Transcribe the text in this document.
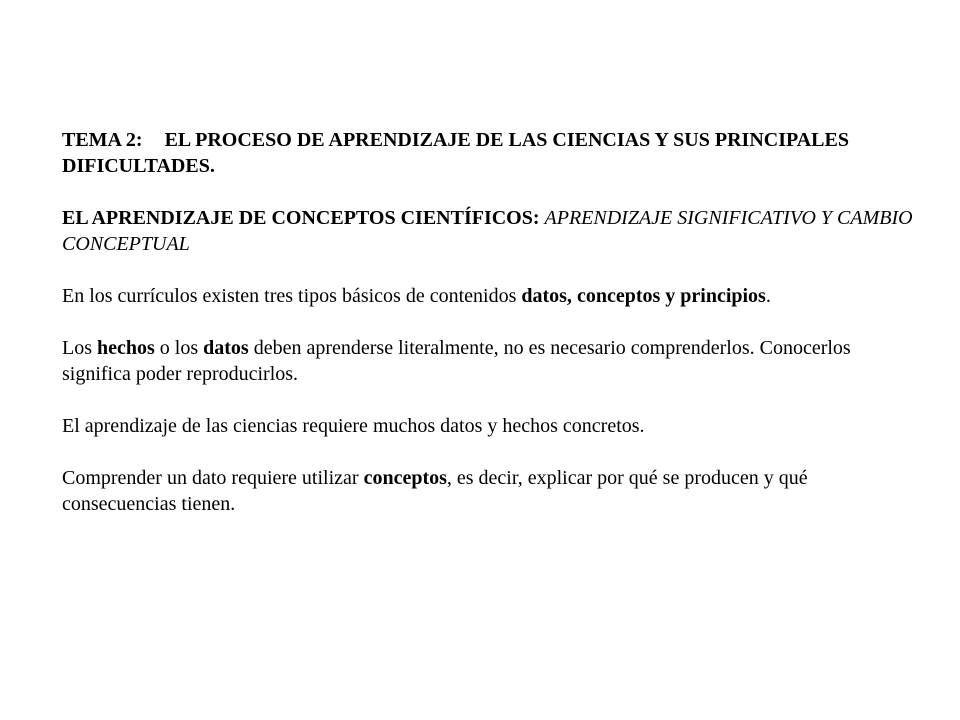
TEMA 2: EL PROCESO DE APRENDIZAJE DE LAS CIENCIAS Y SUS PRINCIPALES DIFICULTADES.

EL APRENDIZAJE DE CONCEPTOS CIENTÍFICOS: APRENDIZAJE SIGNIFICATIVO Y CAMBIO CONCEPTUAL

En los currículos existen tres tipos básicos de contenidos datos, conceptos y principios.

Los hechos o los datos deben aprenderse literalmente, no es necesario comprenderlos. Conocerlos significa poder reproducirlos.

El aprendizaje de las ciencias requiere muchos datos y hechos concretos.

Comprender un dato requiere utilizar conceptos, es decir, explicar por qué se producen y qué consecuencias tienen.
